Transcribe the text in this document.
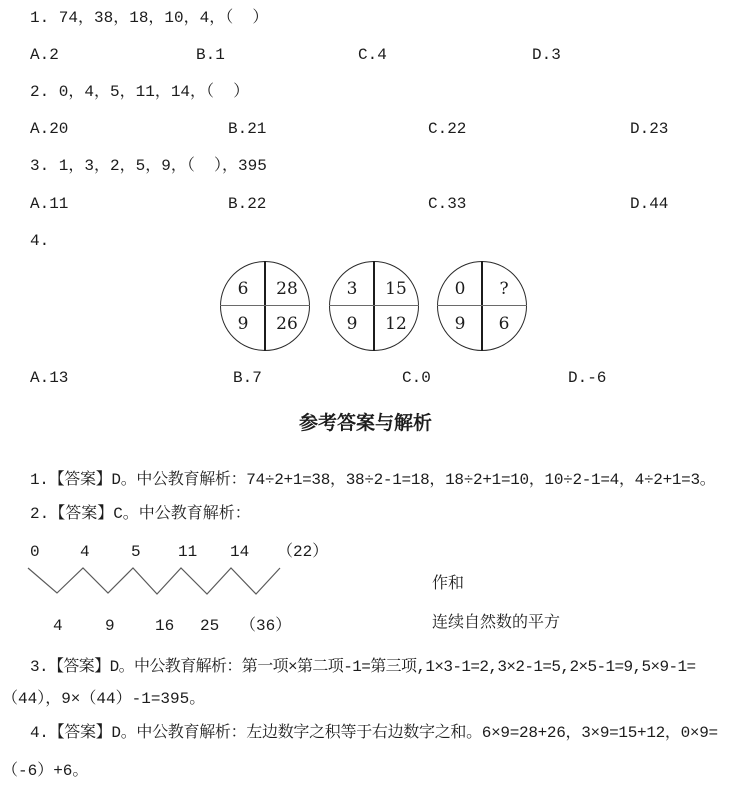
1. 74，38，18，10，4，（  ）
A.2	B.1	C.4	D.3
2. 0，4，5，11，14，（  ）
A.20	B.21	C.22	D.23
3. 1，3，2，5，9，（  ），395
A.11	B.22	C.33	D.44
4.
6	28
9	26
3	15
9	12
0	?
9	6
A.13	B.7	C.0	D.-6
参考答案与解析
1.【答案】D。中公教育解析：74÷2+1=38，38÷2-1=18，18÷2+1=10，10÷2-1=4，4÷2+1=3。
2.【答案】C。中公教育解析：
0	4	5 11 14 （22）
4	9	16 25 （36）
作和
连续自然数的平方
3.【答案】D。中公教育解析：第一项×第二项-1=第三项,1×3-1=2,3×2-1=5,2×5-1=9,5×9-1=
（44），9×（44）-1=395。
4.【答案】D。中公教育解析：左边数字之积等于右边数字之和。6×9=28+26，3×9=15+12，0×9=
（-6）+6。
